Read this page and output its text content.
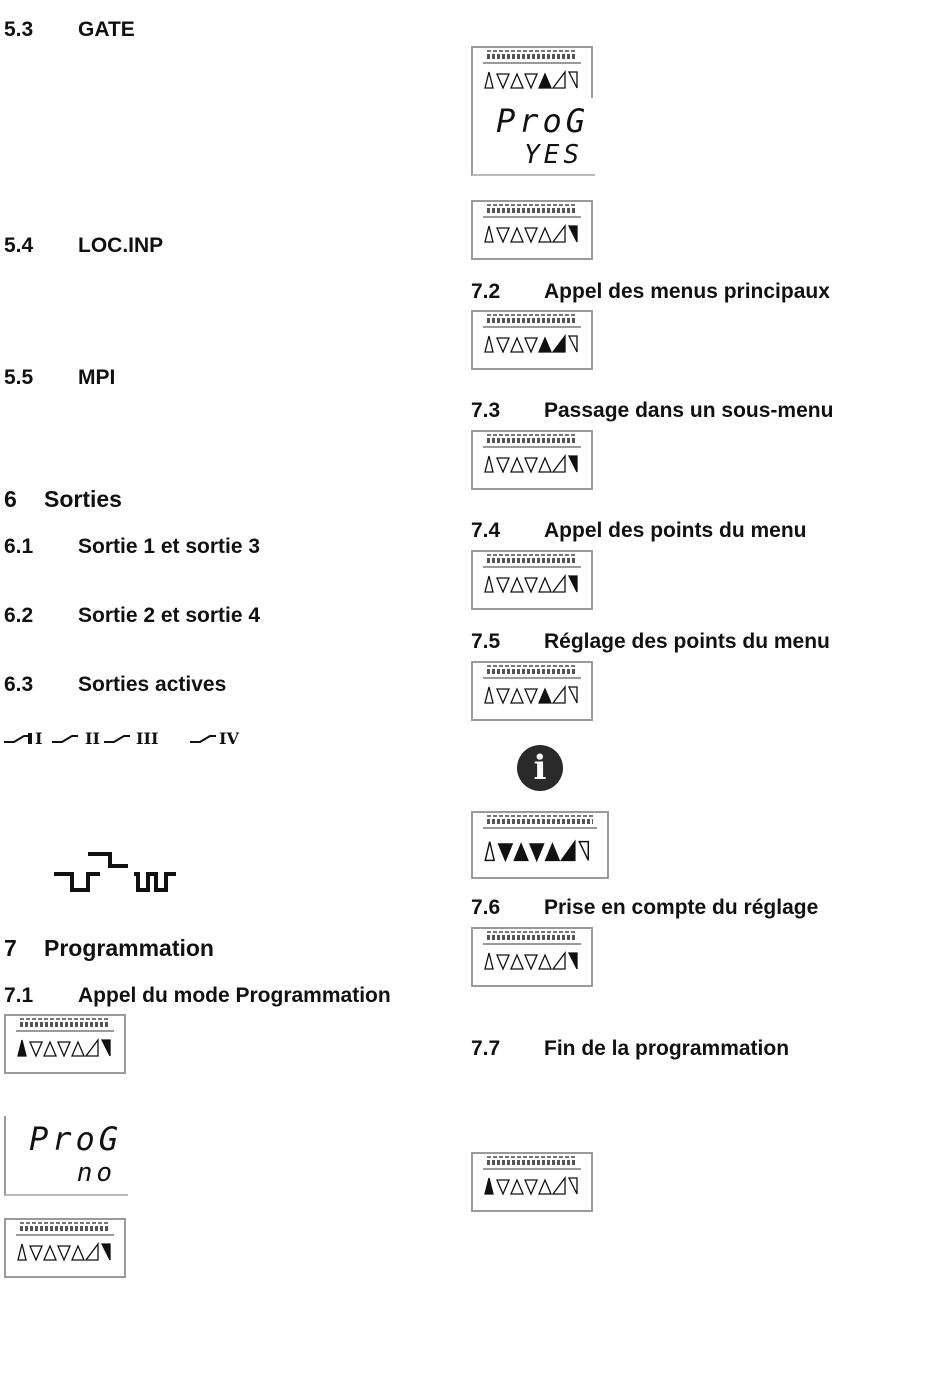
5.3 GATE
5.4 LOC.INP
5.5 MPI
6 Sorties
6.1 Sortie 1 et sortie 3
6.2 Sortie 2 et sortie 4
6.3 Sorties actives
I	II III	IV
7 Programmation
7.1 Appel du mode Programmation
ProG
no
ProG
YES
7.2 Appel des menus principaux
7.3 Passage dans un sous-menu
7.4 Appel des points du menu
7.5 Réglage des points du menu
i
7.6 Prise en compte du réglage
7.7 Fin de la programmation
